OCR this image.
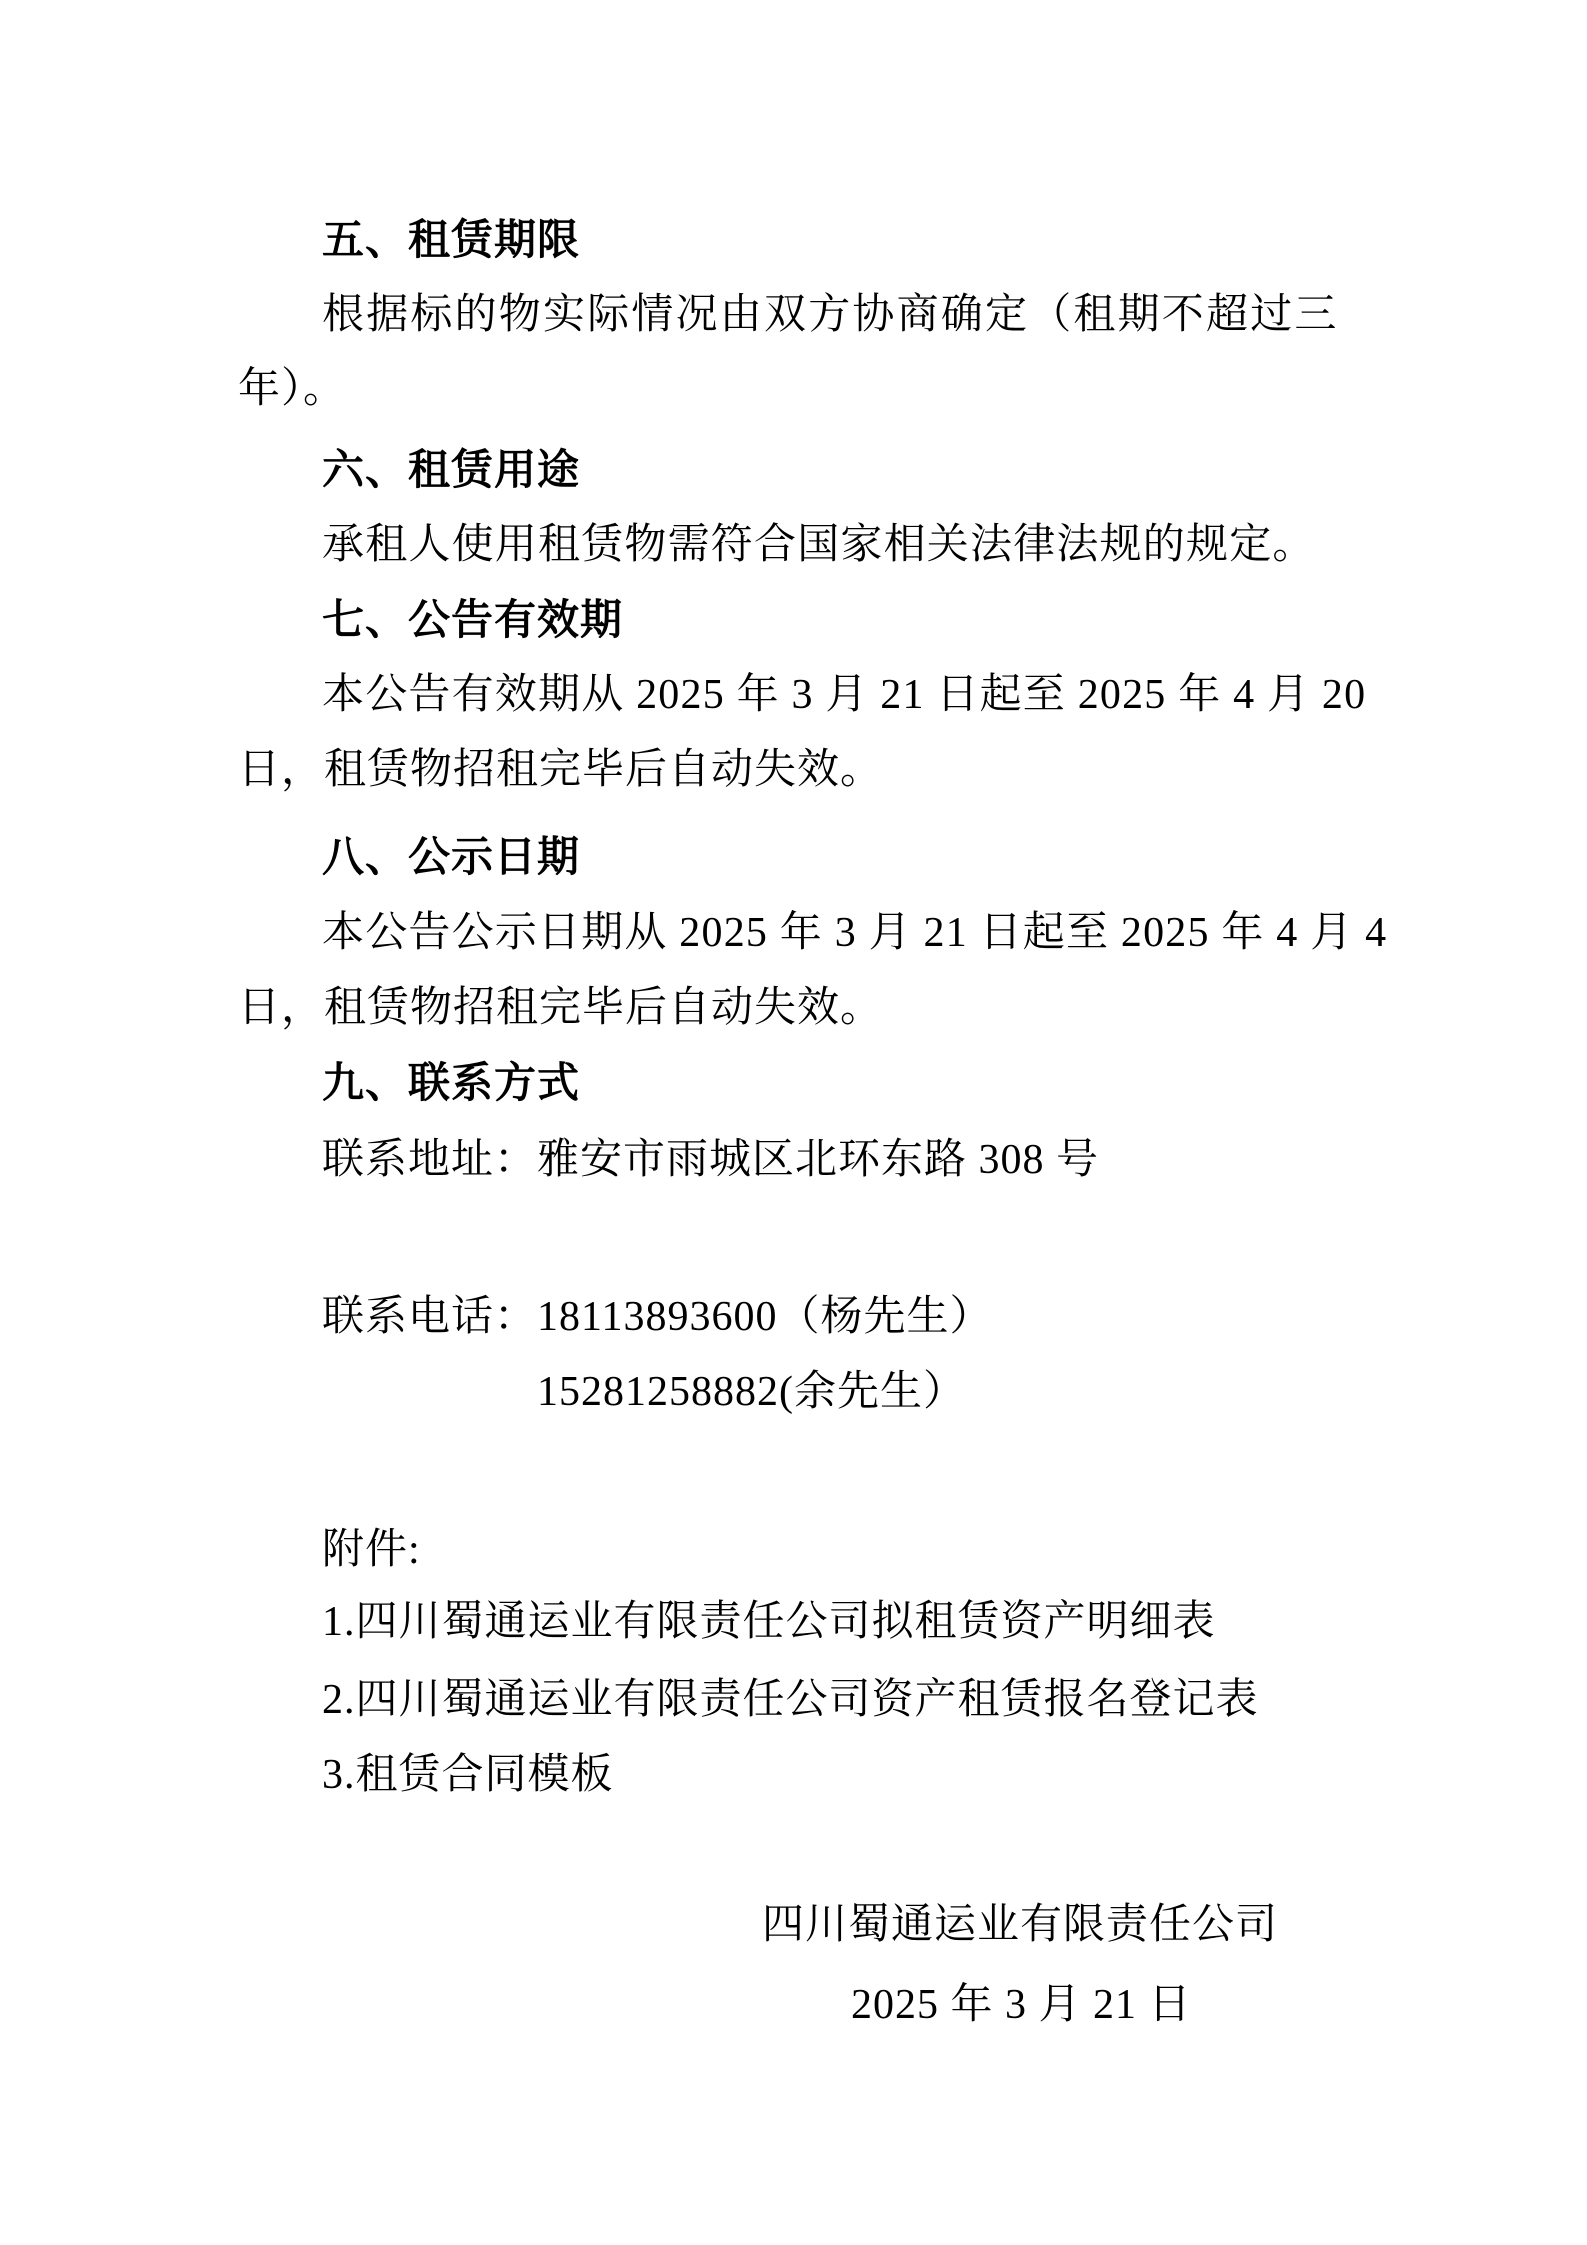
五、租赁期限
根据标的物实际情况由双方协商确定（租期不超过三
年）。
六、租赁用途
承租人使用租赁物需符合国家相关法律法规的规定。
七、公告有效期
本公告有效期从 2025 年 3 月 21 日起至 2025 年 4 月 20
日，租赁物招租完毕后自动失效。
八、公示日期
本公告公示日期从 2025 年 3 月 21 日起至 2025 年 4 月 4
日，租赁物招租完毕后自动失效。
九、联系方式
联系地址：雅安市雨城区北环东路 308 号
联系电话：18113893600（杨先生）
15281258882(余先生）
附件:
1.四川蜀通运业有限责任公司拟租赁资产明细表
2.四川蜀通运业有限责任公司资产租赁报名登记表
3.租赁合同模板
四川蜀通运业有限责任公司
2025 年 3 月 21 日
